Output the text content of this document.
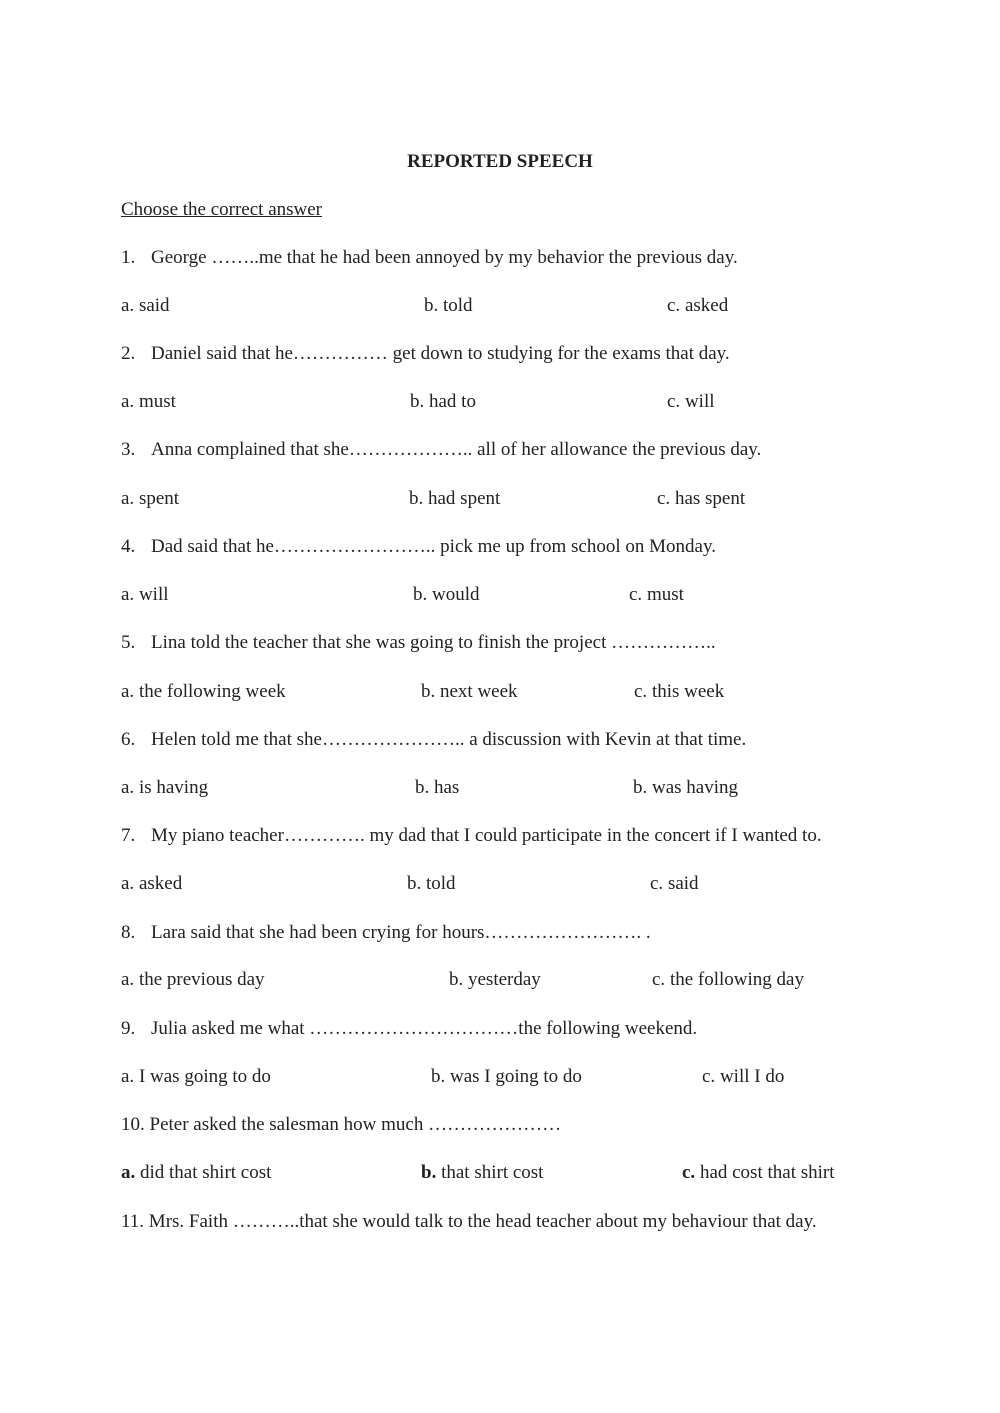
REPORTED SPEECH
Choose the correct answer
1. George ……..me that he had been annoyed by my behavior the previous day.
a. said	b. told	c. asked
2. Daniel said that he…………… get down to studying for the exams that day.
a. must	b. had to	c. will
3. Anna complained that she……………….. all of her allowance the previous day.
a. spent	b. had spent	c. has spent
4. Dad said that he…………………….. pick me up from school on Monday.
a. will	b. would	c. must
5. Lina told the teacher that she was going to finish the project ……………..
a. the following week	b. next week	c. this week
6. Helen told me that she………………….. a discussion with Kevin at that time.
a. is having	b. has	b. was having
7. My piano teacher…………. my dad that I could participate in the concert if I wanted to.
a. asked	b. told	c. said
8. Lara said that she had been crying for hours……………………. .
a. the previous day	b. yesterday	c. the following day
9. Julia asked me what ……………………………the following weekend.
a. I was going to do	b. was I going to do	c. will I do
10. Peter asked the salesman how much …………………
a. did that shirt cost	b. that shirt cost	c. had cost that shirt
11. Mrs. Faith ………..that she would talk to the head teacher about my behaviour that day.
